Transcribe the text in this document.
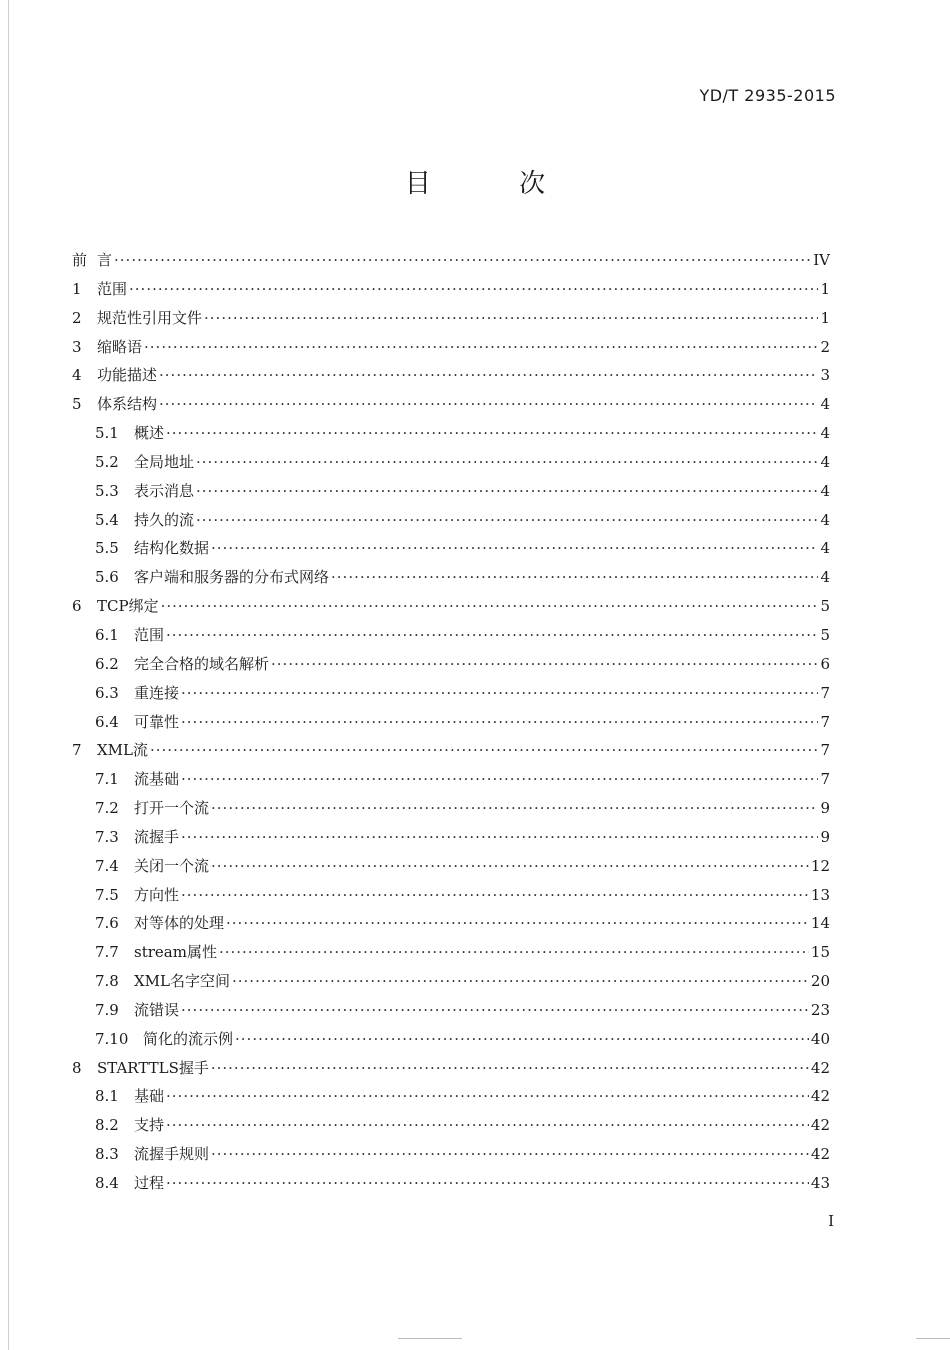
YD/T 2935-2015
目 次
前 言 ·····	IV
1	范围 ·····	1
2	规范性引用文件 ·····	1
3	缩略语 ·····	2
4	功能描述 ·····	3
5	体系结构 ·····	4
5.1	概述 ·····	4
5.2	全局地址 ·····	4
5.3	表示消息 ·····	4
5.4	持久的流 ·····	4
5.5	结构化数据 ·····	4
5.6	客户端和服务器的分布式网络 ·····	4
6	TCP绑定 ·····	5
6.1	范围 ·····	5
6.2	完全合格的域名解析 ·····	6
6.3	重连接 ·····	7
6.4	可靠性 ·····	7
7	XML流 ·····	7
7.1	流基础 ·····	7
7.2	打开一个流 ·····	9
7.3	流握手 ·····	9
7.4	关闭一个流 ·····	12
7.5	方向性 ·····	13
7.6	对等体的处理 ·····	14
7.7	stream属性 ·····	15
7.8	XML名字空间 ·····	20
7.9	流错误 ·····	23
7.10 简化的流示例 ·····	40
8	STARTTLS握手 ·····	42
8.1	基础 ·····	42
8.2	支持 ·····	42
8.3	流握手规则 ·····	42
8.4	过程 ·····	43
I
